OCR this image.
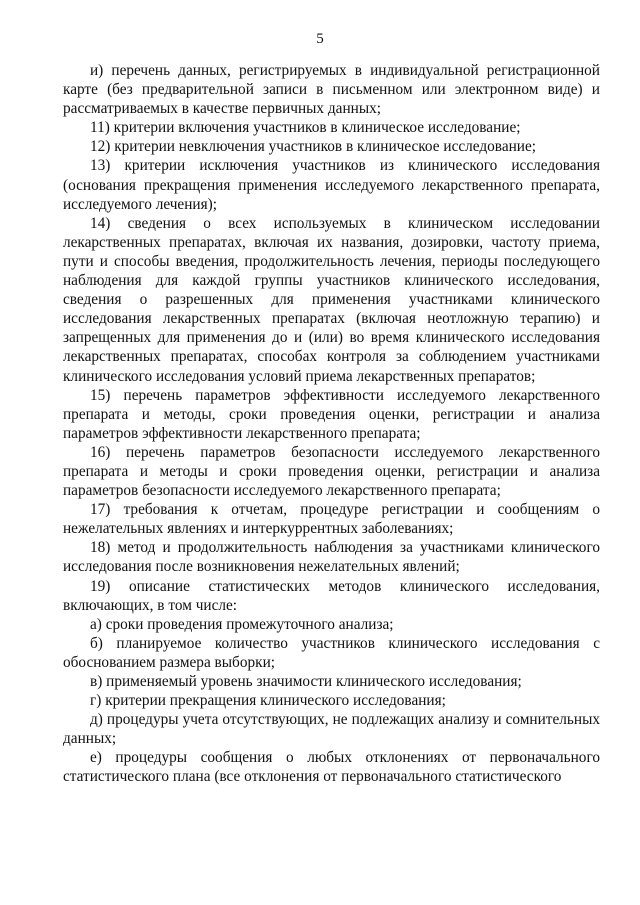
5

и) перечень данных, регистрируемых в индивидуальной регистрационной карте (без предварительной записи в письменном или электронном виде) и рассматриваемых в качестве первичных данных;

11) критерии включения участников в клиническое исследование;

12) критерии невключения участников в клиническое исследование;

13) критерии исключения участников из клинического исследования (основания прекращения применения исследуемого лекарственного препарата, исследуемого лечения);

14) сведения о всех используемых в клиническом исследовании лекарственных препаратах, включая их названия, дозировки, частоту приема, пути и способы введения, продолжительность лечения, периоды последующего наблюдения для каждой группы участников клинического исследования, сведения о разрешенных для применения участниками клинического исследования лекарственных препаратах (включая неотложную терапию) и запрещенных для применения до и (или) во время клинического исследования лекарственных препаратах, способах контроля за соблюдением участниками клинического исследования условий приема лекарственных препаратов;

15) перечень параметров эффективности исследуемого лекарственного препарата и методы, сроки проведения оценки, регистрации и анализа параметров эффективности лекарственного препарата;

16) перечень параметров безопасности исследуемого лекарственного препарата и методы и сроки проведения оценки, регистрации и анализа параметров безопасности исследуемого лекарственного препарата;

17) требования к отчетам, процедуре регистрации и сообщениям о нежелательных явлениях и интеркуррентных заболеваниях;

18) метод и продолжительность наблюдения за участниками клинического исследования после возникновения нежелательных явлений;

19) описание статистических методов клинического исследования, включающих, в том числе:

а) сроки проведения промежуточного анализа;

б) планируемое количество участников клинического исследования с обоснованием размера выборки;

в) применяемый уровень значимости клинического исследования;

г) критерии прекращения клинического исследования;

д) процедуры учета отсутствующих, не подлежащих анализу и сомнительных данных;

е) процедуры сообщения о любых отклонениях от первоначального статистического плана (все отклонения от первоначального статистического
